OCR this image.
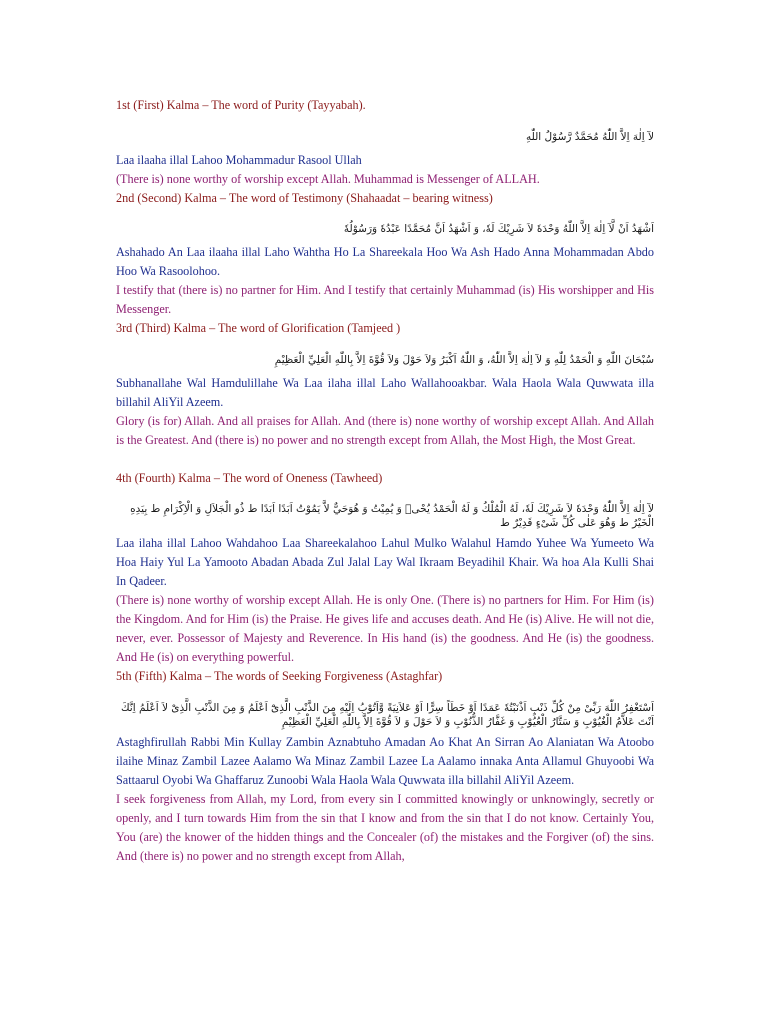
1st (First) Kalma – The word of Purity (Tayyabah).

لآ اِلٰهَ اِلاَّ اللّٰهُ مُحَمَّدٌ رَّسُوْلُ اللّٰهِ

Laa ilaaha illal Lahoo Mohammadur Rasool Ullah

(There is) none worthy of worship except Allah. Muhammad is Messenger of ALLAH.

2nd (Second) Kalma – The word of Testimony (Shahaadat – bearing witness)

اَشْهَدُ اَنْ لَّآ اِلٰهَ اِلاَّ اللّٰهُ وَحْدَهٗ لاَ شَرِيْكَ لَهٗ، وَ اَشْهَدُ اَنَّ مُحَمَّدًا عَبْدُهٗ وَرَسُوْلُهٗ

Ashahado An Laa ilaaha illal Laho Wahtha Ho La Shareekala Hoo Wa Ash Hado Anna Mohammadan Abdo Hoo Wa Rasoolohoo.

I testify that (there is) no partner for Him. And I testify that certainly Muhammad (is) His worshipper and His Messenger.

3rd (Third) Kalma – The word of Glorification (Tamjeed )

سُبْحَانَ اللّٰهِ وَ الْحَمْدُ لِلّٰهِ وَ لآ اِلٰهَ اِلاَّ اللّٰهُ، وَ اللّٰهُ اَكْبَرُ وَلاَ حَوْلَ وَلاَ قُوَّةَ اِلاَّ بِاللّٰهِ الْعَلِيِّ الْعَظِيْمِ

Subhanallahe Wal Hamdulillahe Wa Laa ilaha illal Laho Wallahooakbar. Wala Haola Wala Quwwata illa billahil AliYil Azeem.

Glory (is for) Allah. And all praises for Allah. And (there is) none worthy of worship except Allah. And Allah is the Greatest. And (there is) no power and no strength except from Allah, the Most High, the Most Great.

4th (Fourth) Kalma – The word of Oneness (Tawheed)

لآ اِلٰهَ اِلاَّ اللّٰهُ وَحْدَهٗ لاَ شَرِيْكَ لَهٗ، لَهُ الْمُلْكُ وَ لَهُ الْحَمْدُ يُحْىٖ وَ يُمِيْتُ وَ هُوَحَيٌّ لاَّ يَمُوْتُ اَبَدًا اَبَدًا ط ذُو الْجَلاَلِ وَ الْاِكْرَامِ ط بِيَدِهِ الْخَيْرُ ط وَهُوَ عَلٰى كُلِّ شَىْءٍ قَدِيْرٌ ط

Laa ilaha illal Lahoo Wahdahoo Laa Shareekalahoo Lahul Mulko Walahul Hamdo Yuhee Wa Yumeeto Wa Hoa Haiy Yul La Yamooto Abadan Abada Zul Jalal Lay Wal Ikraam Beyadihil Khair. Wa hoa Ala Kulli Shai In Qadeer.

(There is) none worthy of worship except Allah. He is only One. (There is) no partners for Him. For Him (is) the Kingdom. And for Him (is) the Praise. He gives life and accuses death. And He (is) Alive. He will not die, never, ever. Possessor of Majesty and Reverence. In His hand (is) the goodness. And He (is) the goodness. And He (is) on everything powerful.

5th (Fifth) Kalma – The words of Seeking Forgiveness (Astaghfar)

اَسْتَغْفِرُ اللّٰهَ رَبِّىْ مِنْ كُلِّ ذَنْبٍ اَذْنَبْتُهٗ عَمَدًا اَوْ خَطَاً سِرًّا اَوْ عَلاَنِيَةً وَّاَتُوْبُ اِلَيْهِ مِنَ الذَّنْبِ الَّذِیْٓ اَعْلَمُ وَ مِنَ الذَّنْبِ الَّذِیْ لاَ اَعْلَمُ اِنَّكَ اَنْتَ عَلاَّمُ الْغُيُوْبِ وَ سَتَّارُ الْعُيُوْبِ وَ غَفَّارُ الذُّنُوْبِ وَ لاَ حَوْلَ وَ لاَ قُوَّةَ اِلاَّ بِاللّٰهِ الْعَلِيِّ الْعَظِيْمِ

Astaghfirullah Rabbi Min Kullay Zambin Aznabtuho Amadan Ao Khat An Sirran Ao Alaniatan Wa Atoobo ilaihe Minaz Zambil Lazee Aalamo Wa Minaz Zambil Lazee La Aalamo innaka Anta Allamul Ghuyoobi Wa Sattaarul Oyobi Wa Ghaffaruz Zunoobi Wala Haola Wala Quwwata illa billahil AliYil Azeem.

I seek forgiveness from Allah, my Lord, from every sin I committed knowingly or unknowingly, secretly or openly, and I turn towards Him from the sin that I know and from the sin that I do not know. Certainly You, You (are) the knower of the hidden things and the Concealer (of) the mistakes and the Forgiver (of) the sins. And (there is) no power and no strength except from Allah,
